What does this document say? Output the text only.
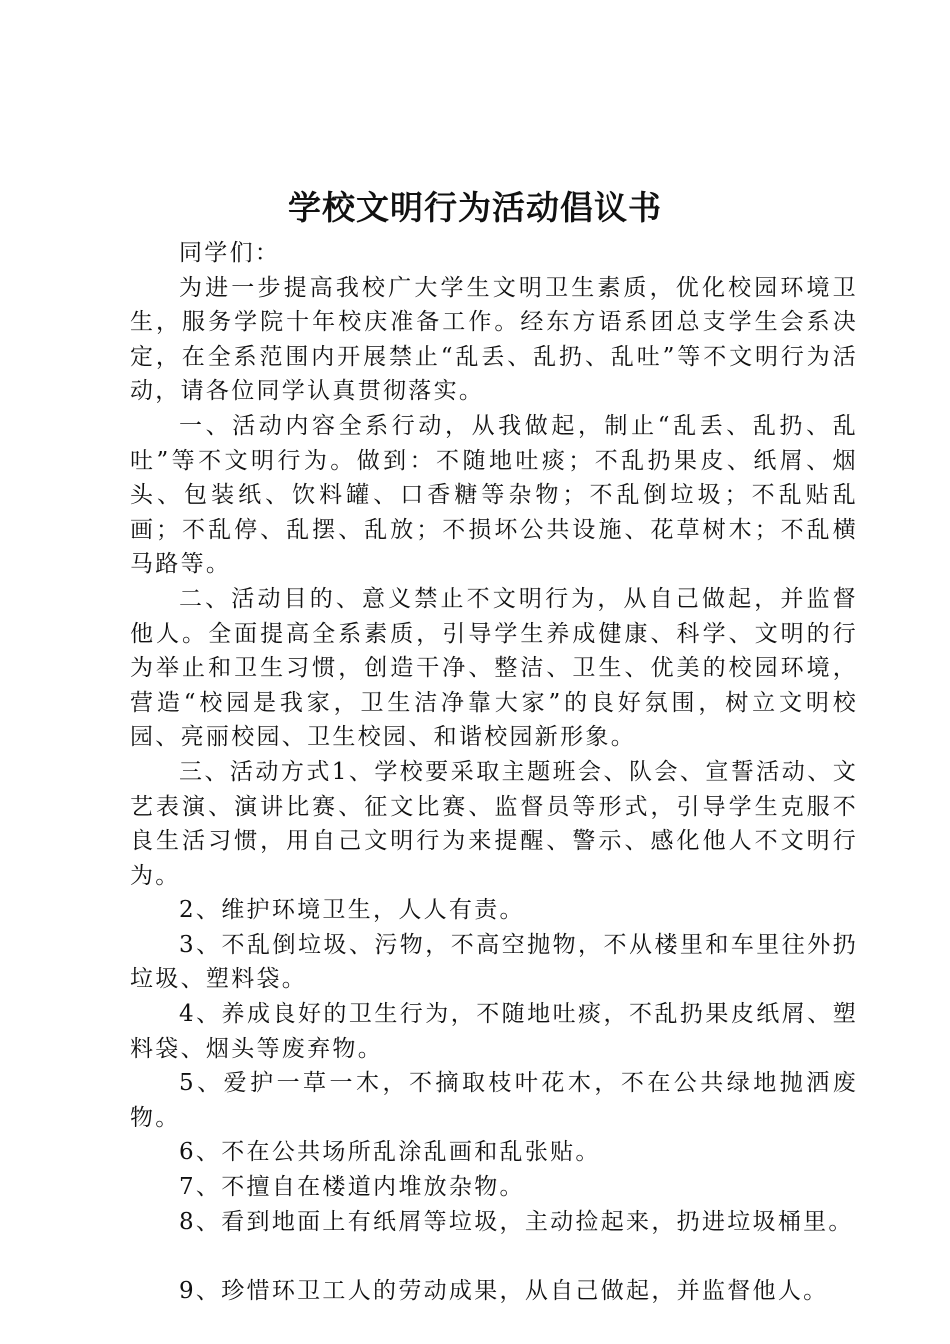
学校文明行为活动倡议书

同学们：

为进一步提高我校广大学生文明卫生素质，优化校园环境卫生，服务学院十年校庆准备工作。经东方语系团总支学生会系决定，在全系范围内开展禁止“乱丢、乱扔、乱吐”等不文明行为活动，请各位同学认真贯彻落实。

一、活动内容全系行动，从我做起，制止“乱丢、乱扔、乱吐”等不文明行为。做到：不随地吐痰；不乱扔果皮、纸屑、烟头、包装纸、饮料罐、口香糖等杂物；不乱倒垃圾；不乱贴乱画；不乱停、乱摆、乱放；不损坏公共设施、花草树木；不乱横马路等。

二、活动目的、意义禁止不文明行为，从自己做起，并监督他人。全面提高全系素质，引导学生养成健康、科学、文明的行为举止和卫生习惯，创造干净、整洁、卫生、优美的校园环境，营造“校园是我家，卫生洁净靠大家”的良好氛围，树立文明校园、亮丽校园、卫生校园、和谐校园新形象。

三、活动方式1、学校要采取主题班会、队会、宣誓活动、文艺表演、演讲比赛、征文比赛、监督员等形式，引导学生克服不良生活习惯，用自己文明行为来提醒、警示、感化他人不文明行为。

2、维护环境卫生，人人有责。

3、不乱倒垃圾、污物，不高空抛物，不从楼里和车里往外扔垃圾、塑料袋。

4、养成良好的卫生行为，不随地吐痰，不乱扔果皮纸屑、塑料袋、烟头等废弃物。

5、爱护一草一木，不摘取枝叶花木，不在公共绿地抛洒废物。

6、不在公共场所乱涂乱画和乱张贴。

7、不擅自在楼道内堆放杂物。

8、看到地面上有纸屑等垃圾，主动捡起来，扔进垃圾桶里。

9、珍惜环卫工人的劳动成果，从自己做起，并监督他人。
